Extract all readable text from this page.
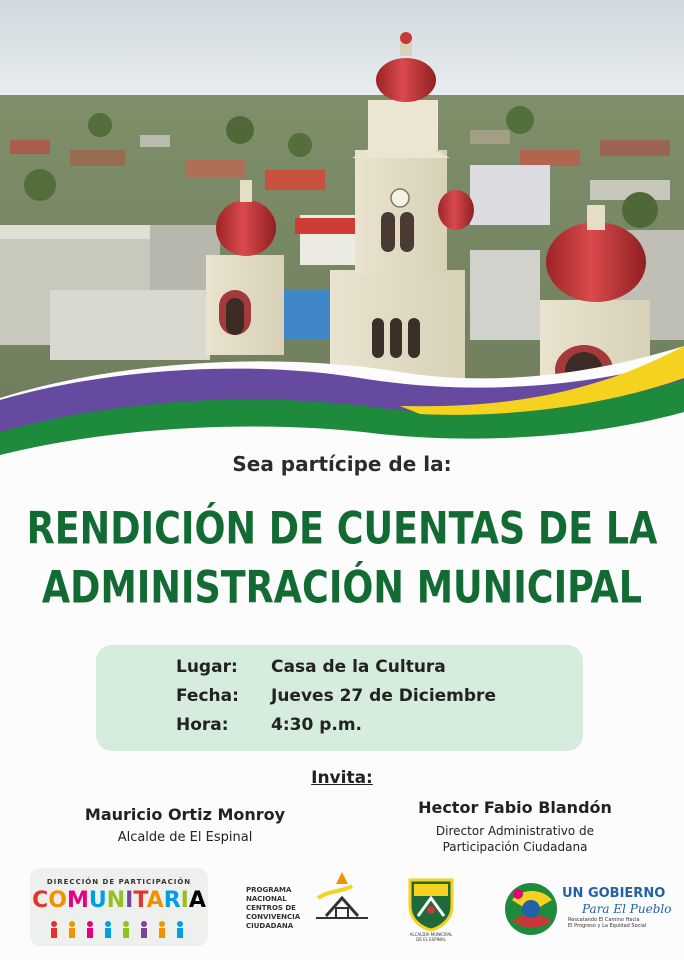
Sea partícipe de la:
RENDICIÓN DE CUENTAS DE LA
ADMINISTRACIÓN MUNICIPAL
Lugar: Casa de la Cultura
Fecha: Jueves 27 de Diciembre
Hora: 4:30 p.m.
Invita:
Mauricio Ortiz Monroy
Alcalde de El Espinal
Hector Fabio Blandón
Director Administrativo de
Participación Ciudadana
DIRECCIÓN DE PARTICIPACIÓN
COMUNITARIA	PROGRAMA
NACIONAL
CENTROS DE
CONVIVENCIA CIUDADANA
ALCALDÍA MUNICIPAL
DE EL ESPINAL
UN GOBIERNO
Para El Pueblo
Rescatando El Camino Hacia
El Progreso y La Equidad Social
